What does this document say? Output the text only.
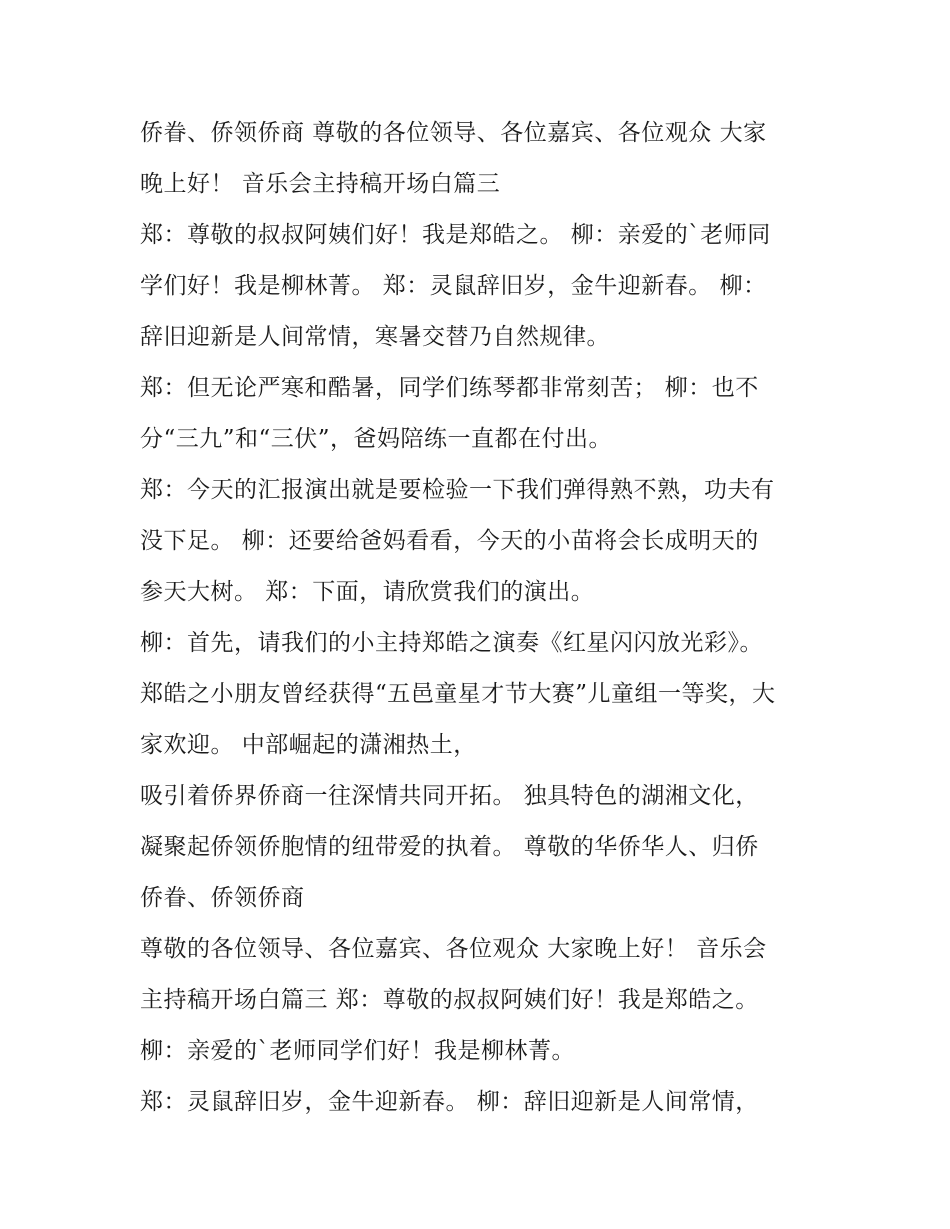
侨眷、侨领侨商 尊敬的各位领导、各位嘉宾、各位观众 大家
晚上好！ 音乐会主持稿开场白篇三
郑：尊敬的叔叔阿姨们好！我是郑皓之。 柳：亲爱的`老师同
学们好！我是柳林菁。 郑：灵鼠辞旧岁，金牛迎新春。 柳：
辞旧迎新是人间常情，寒暑交替乃自然规律。
郑：但无论严寒和酷暑，同学们练琴都非常刻苦； 柳：也不
分“三九”和“三伏”，爸妈陪练一直都在付出。
郑：今天的汇报演出就是要检验一下我们弹得熟不熟，功夫有
没下足。 柳：还要给爸妈看看，今天的小苗将会长成明天的
参天大树。 郑：下面，请欣赏我们的演出。
柳：首先，请我们的小主持郑皓之演奏《红星闪闪放光彩》。
郑皓之小朋友曾经获得“五邑童星才节大赛”儿童组一等奖，大
家欢迎。 中部崛起的潇湘热土，
吸引着侨界侨商一往深情共同开拓。 独具特色的湖湘文化，
凝聚起侨领侨胞情的纽带爱的执着。 尊敬的华侨华人、归侨
侨眷、侨领侨商
尊敬的各位领导、各位嘉宾、各位观众 大家晚上好！ 音乐会
主持稿开场白篇三 郑：尊敬的叔叔阿姨们好！我是郑皓之。
柳：亲爱的`老师同学们好！我是柳林菁。
郑：灵鼠辞旧岁，金牛迎新春。 柳：辞旧迎新是人间常情，
